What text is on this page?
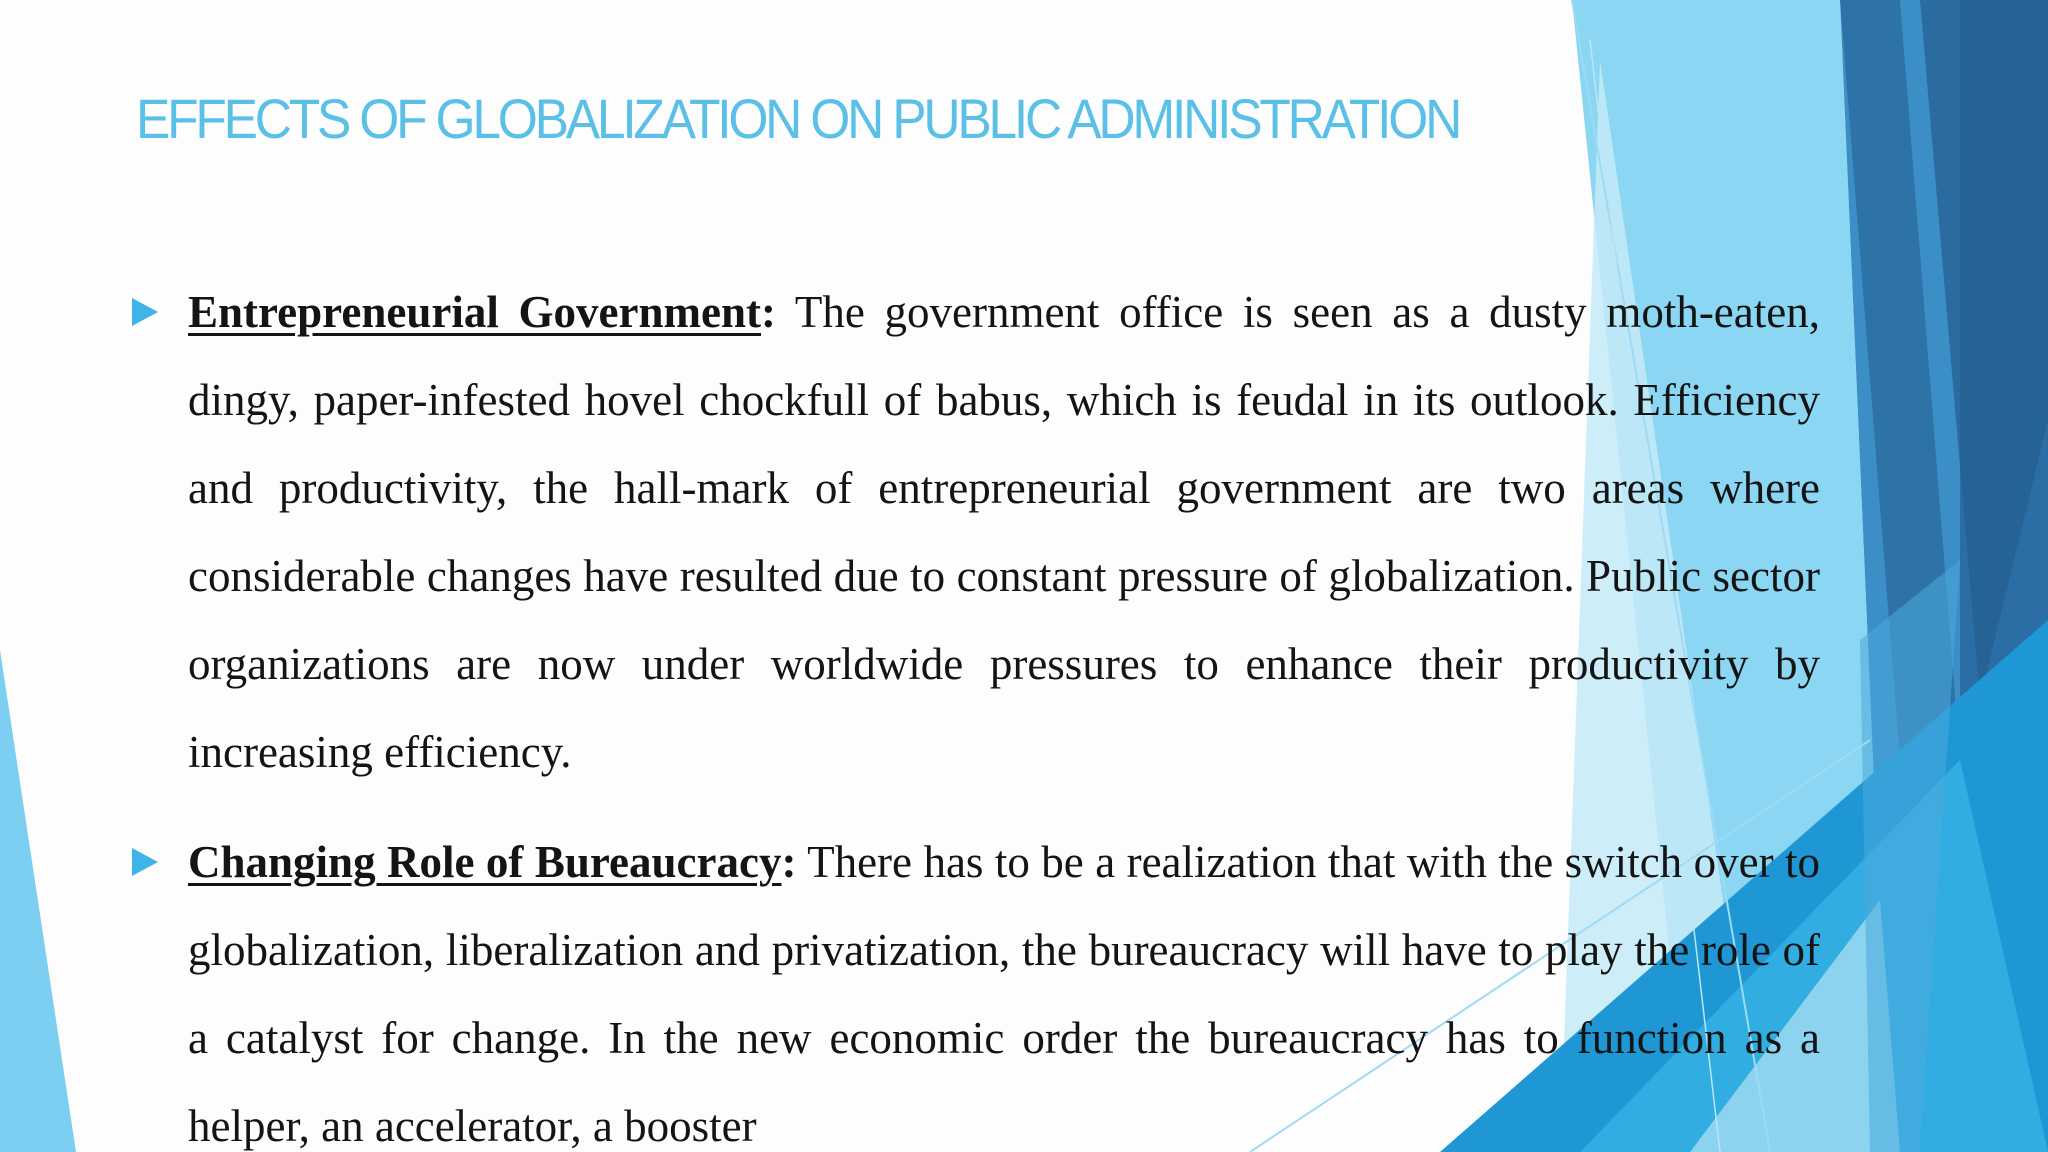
EFFECTS OF GLOBALIZATION ON PUBLIC ADMINISTRATION

Entrepreneurial Government: The government office is seen as a dusty moth-eaten, dingy, paper-infested hovel chockfull of babus, which is feudal in its outlook. Efficiency and productivity, the hall-mark of entrepreneurial government are two areas where considerable changes have resulted due to constant pressure of globalization. Public sector organizations are now under worldwide pressures to enhance their productivity by increasing efficiency.

Changing Role of Bureaucracy: There has to be a realization that with the switch over to globalization, liberalization and privatization, the bureaucracy will have to play the role of a catalyst for change. In the new economic order the bureaucracy has to function as a helper, an accelerator, a booster
